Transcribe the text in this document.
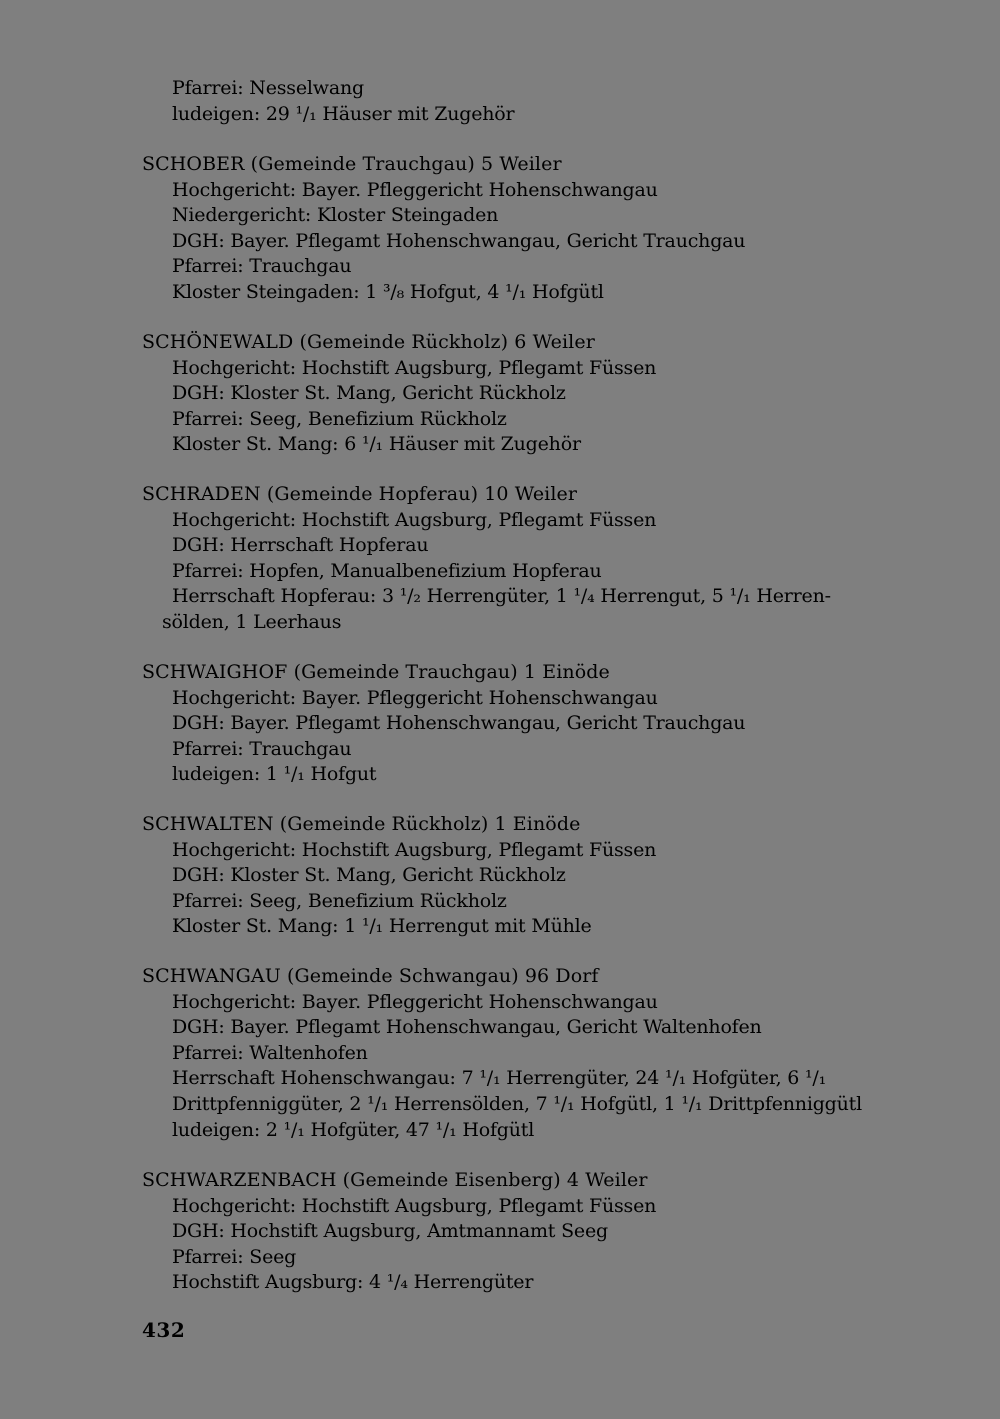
Pfarrei: Nesselwang
ludeigen: 29 ¹/₁ Häuser mit Zugehör
SCHOBER (Gemeinde Trauchgau) 5 Weiler
Hochgericht: Bayer. Pfleggericht Hohenschwangau
Niedergericht: Kloster Steingaden
DGH: Bayer. Pflegamt Hohenschwangau, Gericht Trauchgau
Pfarrei: Trauchgau
Kloster Steingaden: 1 ³/₈ Hofgut, 4 ¹/₁ Hofgütl
SCHÖNEWALD (Gemeinde Rückholz) 6 Weiler
Hochgericht: Hochstift Augsburg, Pflegamt Füssen
DGH: Kloster St. Mang, Gericht Rückholz
Pfarrei: Seeg, Benefizium Rückholz
Kloster St. Mang: 6 ¹/₁ Häuser mit Zugehör
SCHRADEN (Gemeinde Hopferau) 10 Weiler
Hochgericht: Hochstift Augsburg, Pflegamt Füssen
DGH: Herrschaft Hopferau
Pfarrei: Hopfen, Manualbenefizium Hopferau
Herrschaft Hopferau: 3 ¹/₂ Herrengüter, 1 ¹/₄ Herrengut, 5 ¹/₁ Herren-
sölden, 1 Leerhaus
SCHWAIGHOF (Gemeinde Trauchgau) 1 Einöde
Hochgericht: Bayer. Pfleggericht Hohenschwangau
DGH: Bayer. Pflegamt Hohenschwangau, Gericht Trauchgau
Pfarrei: Trauchgau
ludeigen: 1 ¹/₁ Hofgut
SCHWALTEN (Gemeinde Rückholz) 1 Einöde
Hochgericht: Hochstift Augsburg, Pflegamt Füssen
DGH: Kloster St. Mang, Gericht Rückholz
Pfarrei: Seeg, Benefizium Rückholz
Kloster St. Mang: 1 ¹/₁ Herrengut mit Mühle
SCHWANGAU (Gemeinde Schwangau) 96 Dorf
Hochgericht: Bayer. Pfleggericht Hohenschwangau
DGH: Bayer. Pflegamt Hohenschwangau, Gericht Waltenhofen
Pfarrei: Waltenhofen
Herrschaft Hohenschwangau: 7 ¹/₁ Herrengüter, 24 ¹/₁ Hofgüter, 6 ¹/₁
Drittpfenniggüter, 2 ¹/₁ Herrensölden, 7 ¹/₁ Hofgütl, 1 ¹/₁ Drittpfenniggütl
ludeigen: 2 ¹/₁ Hofgüter, 47 ¹/₁ Hofgütl
SCHWARZENBACH (Gemeinde Eisenberg) 4 Weiler
Hochgericht: Hochstift Augsburg, Pflegamt Füssen
DGH: Hochstift Augsburg, Amtmannamt Seeg
Pfarrei: Seeg
Hochstift Augsburg: 4 ¹/₄ Herrengüter
432
